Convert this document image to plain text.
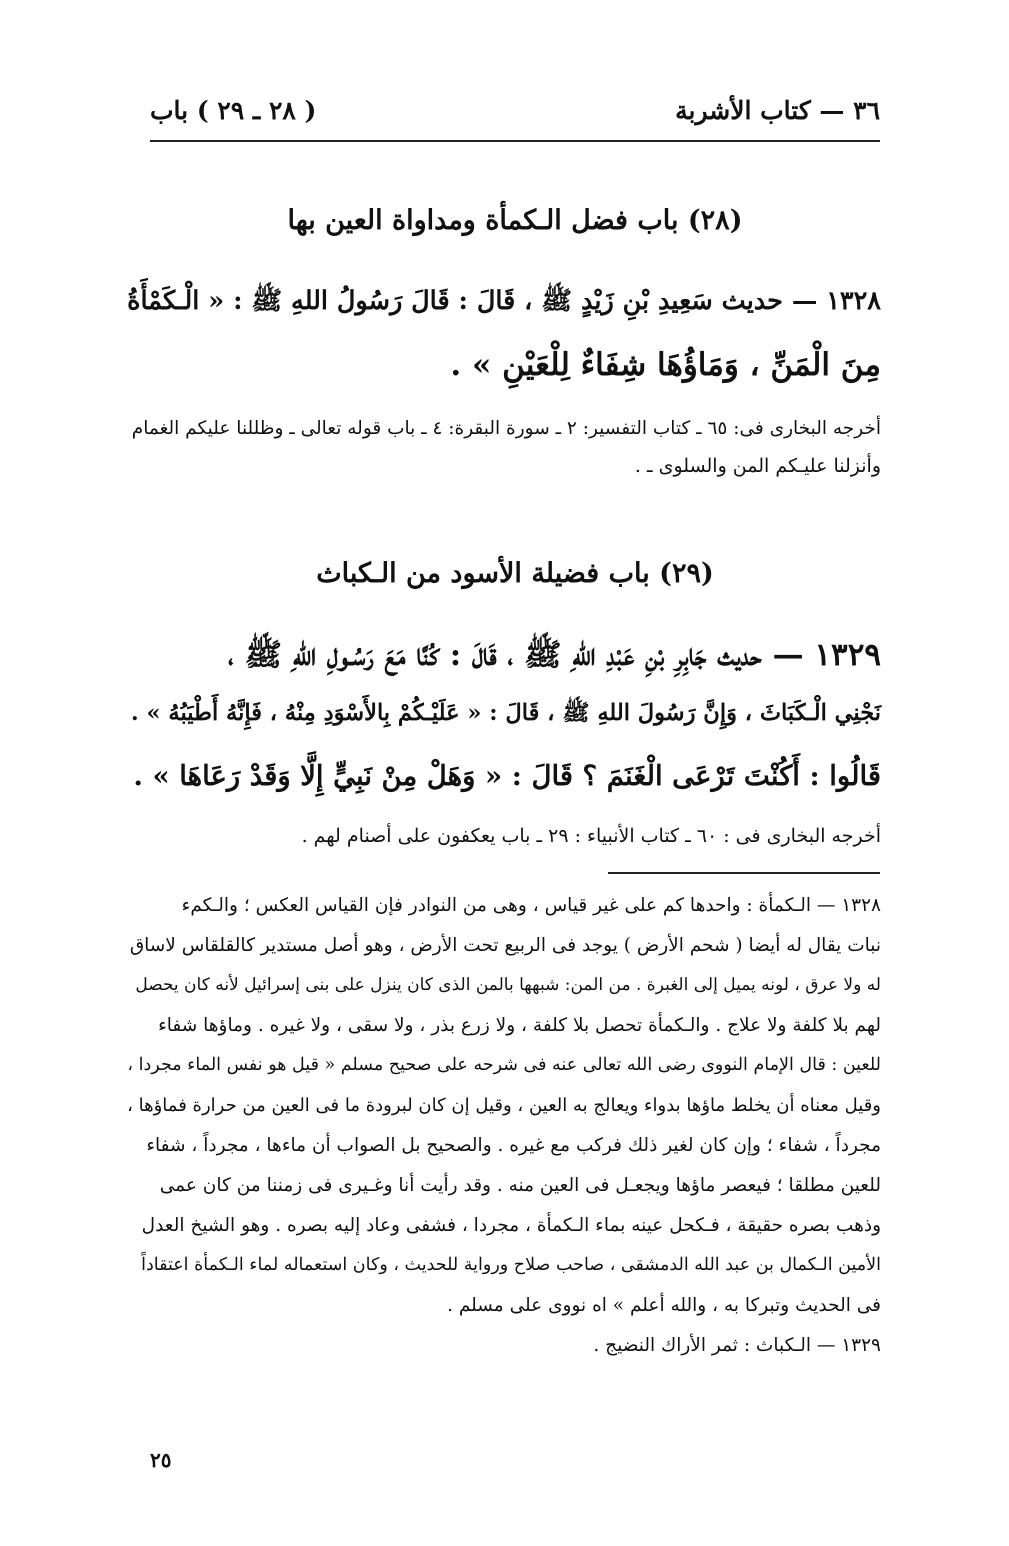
٣٦ — كتاب الأشربة
( ٢٨ ـ ٢٩ ) باب
(٢٨) باب فضل الـكمأة ومداواة العين بها
١٣٢٨ — حديث سَعِيدِ بْنِ زَيْدٍ ﷺ ، قَالَ : قَالَ رَسُولُ اللهِ ﷺ : « الْـكَمْأَةُ
مِنَ الْمَنِّ ، وَمَاؤُهَا شِفَاءٌ لِلْعَيْنِ » .
أخرجه البخارى فى: ٦٥ ـ كتاب التفسير: ٢ ـ سورة البقرة: ٤ ـ باب قوله تعالى ـ وظللنا عليكم الغمام
وأنزلنا عليـكم المن والسلوى ـ .
(٢٩) باب فضيلة الأسود من الـكباث
١٣٢٩ — حديث جَابِرِ بْنِ عَبْدِ اللهِ ﷺ ، قَالَ : كُنَّا مَعَ رَسُـولِ اللهِ ﷺ ،
نَجْنِي الْـكَبَاثَ ، وَإِنَّ رَسُولَ اللهِ ﷺ ، قَالَ : « عَلَيْـكُمْ بِالأَسْوَدِ مِنْهُ ، فَإِنَّهُ أَطْيَبُهُ » .
قَالُوا : أَكُنْتَ تَرْعَى الْغَنَمَ ؟ قَالَ : « وَهَلْ مِنْ نَبِيٍّ إِلَّا وَقَدْ رَعَاهَا » .
أخرجه البخارى فى : ٦٠ ـ كتاب الأنبياء : ٢٩ ـ باب يعكفون على أصنام لهم .
١٣٢٨ — الـكمأة : واحدها كم على غير قياس ، وهى من النوادر فإن القياس العكس ؛ والـكمء
نبات يقال له أيضا ( شحم الأرض ) يوجد فى الربيع تحت الأرض ، وهو أصل مستدير كالقلقاس لاساق
له ولا عرق ، لونه يميل إلى الغبرة . من المن: شبهها بالمن الذى كان ينزل على بنى إسرائيل لأنه كان يحصل
لهم بلا كلفة ولا علاج . والـكمأة تحصل بلا كلفة ، ولا زرع بذر ، ولا سقى ، ولا غيره . وماؤها شفاء
للعين : قال الإمام النووى رضى الله تعالى عنه فى شرحه على صحيح مسلم « قيل هو نفس الماء مجردا ،
وقيل معناه أن يخلط ماؤها بدواء ويعالج به العين ، وقيل إن كان لبرودة ما فى العين من حرارة فماؤها ،
مجرداً ، شفاء ؛ وإن كان لغير ذلك فركب مع غيره . والصحيح بل الصواب أن ماءها ، مجرداً ، شفاء
للعين مطلقا ؛ فيعصر ماؤها ويجعـل فى العين منه . وقد رأيت أنا وغـيرى فى زمننا من كان عمى
وذهب بصره حقيقة ، فـكحل عينه بماء الـكمأة ، مجردا ، فشفى وعاد إليه بصره . وهو الشيخ العدل
الأمين الـكمال بن عبد الله الدمشقى ، صاحب صلاح ورواية للحديث ، وكان استعماله لماء الـكمأة اعتقاداً
فى الحديث وتبركا به ، والله أعلم » اه نووى على مسلم .
١٣٢٩ — الـكباث : ثمر الأراك النضيج .
٢٥
